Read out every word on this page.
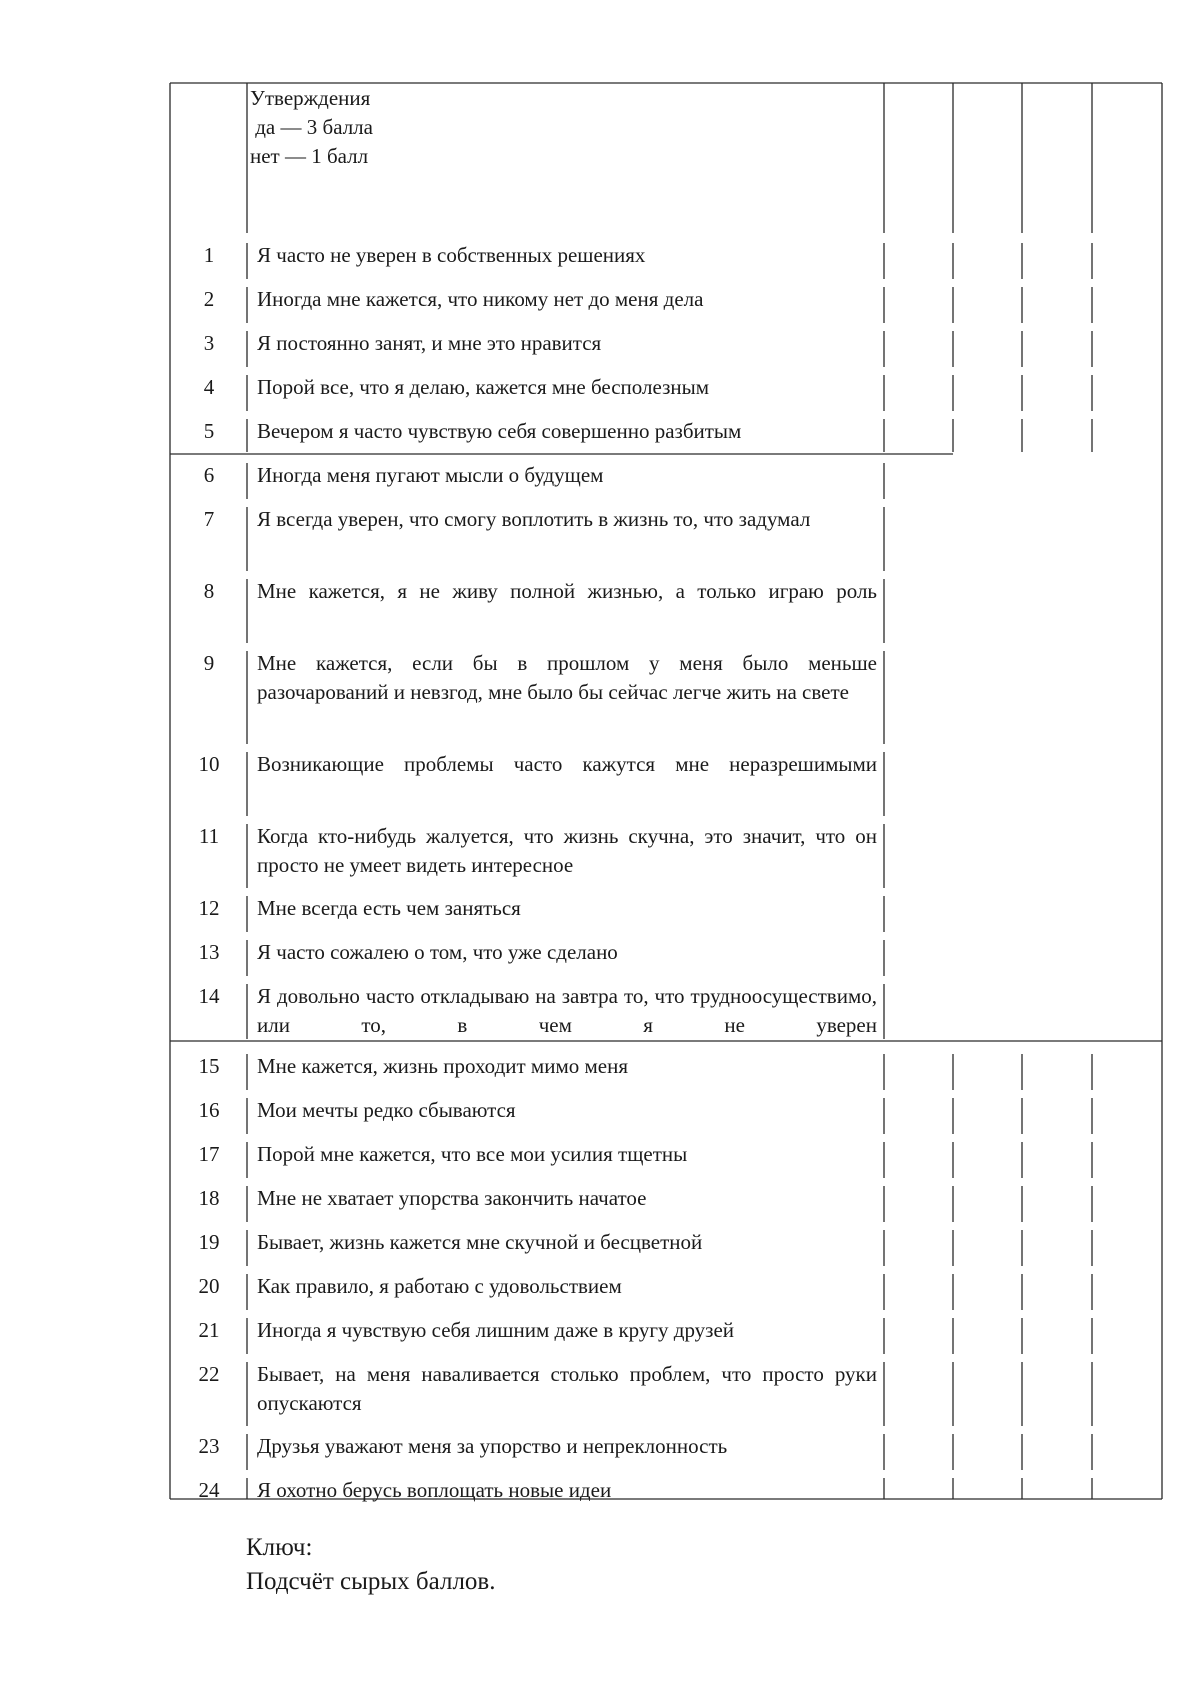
Утверждения
да — 3 балла
нет — 1 балл
1	Я часто не уверен в собственных решениях
2	Иногда мне кажется, что никому нет до меня дела
3	Я постоянно занят, и мне это нравится
4	Порой все, что я делаю, кажется мне бесполезным
5	Вечером я часто чувствую себя совершенно разбитым
6	Иногда меня пугают мысли о будущем
7	Я всегда уверен, что смогу воплотить в жизнь то, что задумал
8	Мне кажется, я не живу полной жизнью, а только играю роль
9	Мне кажется, если бы в прошлом у меня было меньше разочарований и невзгод, мне было бы сейчас легче жить на свете
10	Возникающие проблемы часто кажутся мне неразрешимыми
11	Когда кто-нибудь жалуется, что жизнь скучна, это значит, что он просто не умеет видеть интересное
12	Мне всегда есть чем заняться
13	Я часто сожалею о том, что уже сделано
14	Я довольно часто откладываю на завтра то, что трудноосуществимо, или то, в чем я не уверен
15	Мне кажется, жизнь проходит мимо меня
16	Мои мечты редко сбываются
17	Порой мне кажется, что все мои усилия тщетны
18	Мне не хватает упорства закончить начатое
19	Бывает, жизнь кажется мне скучной и бесцветной
20	Как правило, я работаю с удовольствием
21	Иногда я чувствую себя лишним даже в кругу друзей
22	Бывает, на меня наваливается столько проблем, что просто руки опускаются
23	Друзья уважают меня за упорство и непреклонность
24	Я охотно берусь воплощать новые идеи
Ключ:
Подсчёт сырых баллов.
